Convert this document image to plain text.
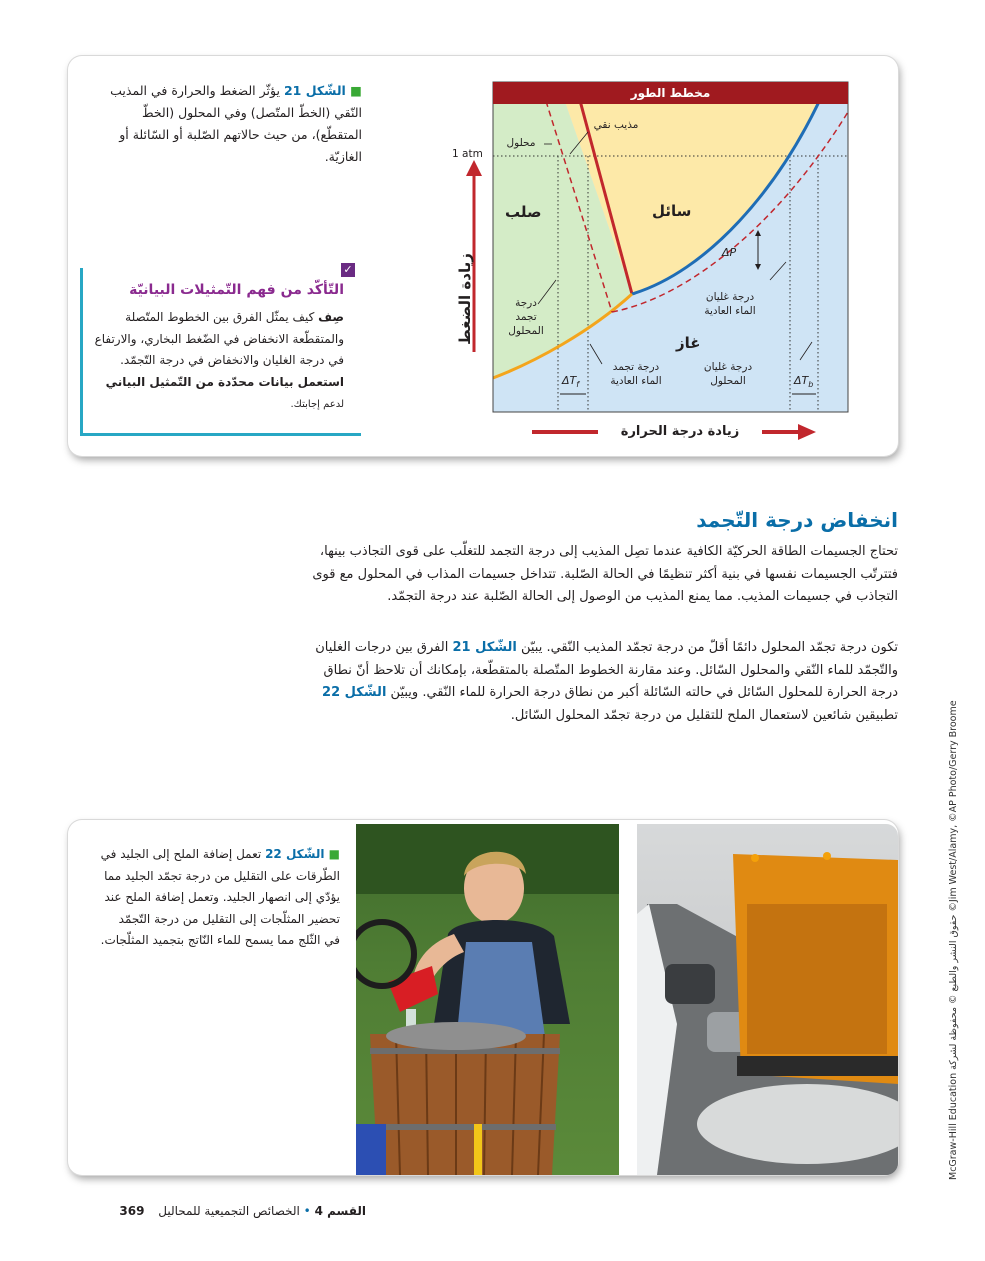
■ الشّكل 21 يؤثّر الضغط والحرارة في المذيب النّقي (الخطّ المتّصل) وفي المحلول (الخطّ المتقطّع)، من حيث حالاتهم الصّلبة أو السّائلة أو الغازيّة.
✓
التّأكّد من فهم التّمثيلات البيانيّة
صِف كيف يمثّل الفرق بين الخطوط المتّصلة والمتقطّعة الانخفاض في الضّغط البخاري، والارتفاع في درجة الغليان والانخفاض في درجة التّجمّد. استعمل بيانات محدّدة من التّمثيل البياني لدعم إجابتك.
مخطط الطور
1 atm
محلول
مذيب نقي
صلب	سائل
غاز
ΔP
درجة تجمد المحلول
درجة تجمد الماء العادية
درجة غليان الماء العادية
درجة غليان المحلول
$\Delta T_f$	$\Delta T_b$
زيادة الضغط
زيادة درجة الحرارة
انخفاض درجة التّجمد
تحتاج الجسيمات الطاقة الحركيّة الكافية عندما تصِل المذيب إلى درجة التجمد للتغلّب على قوى التجاذب بينها، فتترتّب الجسيمات نفسها في بنية أكثر تنظيمًا في الحالة الصّلبة. تتداخل جسيمات المذاب في المحلول مع قوى التجاذب في جسيمات المذيب. مما يمنع المذيب من الوصول إلى الحالة الصّلبة عند درجة التجمّد.
تكون درجة تجمّد المحلول دائمًا أقلّ من درجة تجمّد المذيب النّقي. يبيّن الشّكل 21 الفرق بين درجات الغليان والتّجمّد للماء النّقي والمحلول السّائل. وعند مقارنة الخطوط المتّصلة بالمتقطّعة، بإمكانك أن تلاحظ أنّ نطاق درجة الحرارة للمحلول السّائل في حالته السّائلة أكبر من نطاق درجة الحرارة للماء النّقي. ويبيّن الشّكل 22 تطبيقين شائعين لاستعمال الملح للتقليل من درجة تجمّد المحلول السّائل.
■ الشّكل 22 تعمل إضافة الملح إلى الجليد في الطّرقات على التقليل من درجة تجمّد الجليد مما يؤدّي إلى انصهار الجليد. وتعمل إضافة الملح عند تحضير المثلّجات إلى التقليل من درجة التّجمّد في الثّلج مما يسمح للماء النّاتج بتجميد المثلّجات.
McGraw-Hill Education حقوق النشر والطبع © محفوظة لشركة ©Jim West/Alamy, ©AP Photo/Gerry Broome
القسم 4 • الخصائص التجميعية للمحاليل 369
